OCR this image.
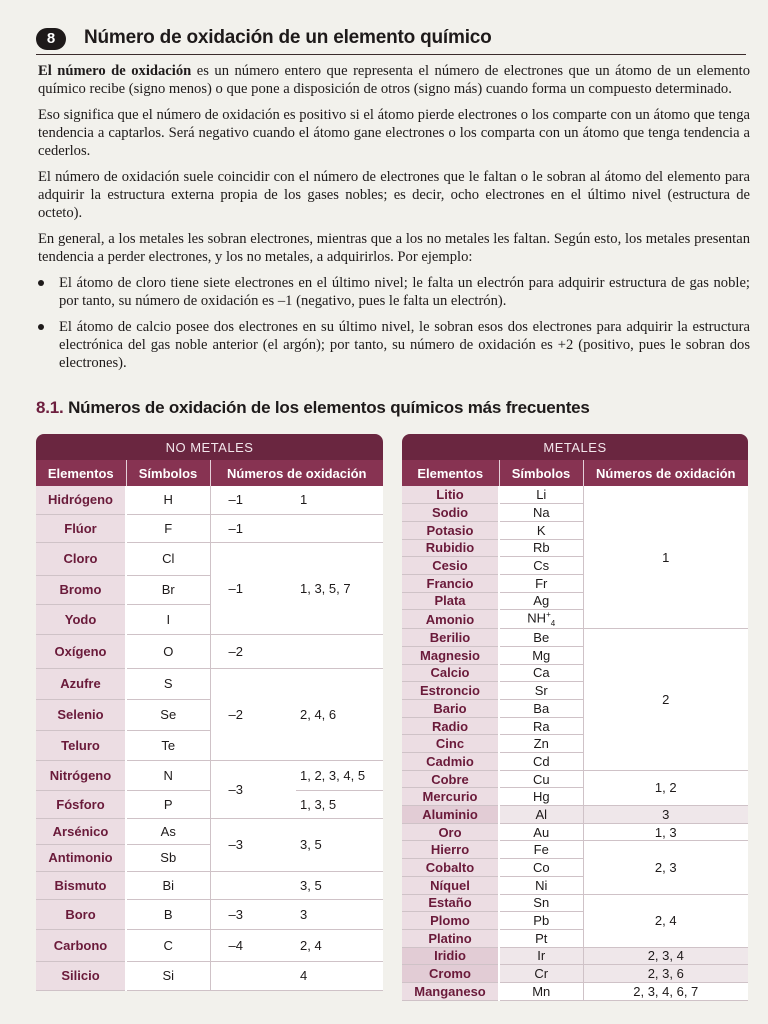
8	Número de oxidación de un elemento químico

El número de oxidación es un número entero que representa el número de electrones que un átomo de un elemento químico recibe (signo menos) o que pone a disposición de otros (signo más) cuando forma un compuesto determinado.

Eso significa que el número de oxidación es positivo si el átomo pierde electrones o los comparte con un átomo que tenga tendencia a captarlos. Será negativo cuando el átomo gane electrones o los comparta con un átomo que tenga tendencia a cederlos.

El número de oxidación suele coincidir con el número de electrones que le faltan o le sobran al átomo del elemento para adquirir la estructura externa propia de los gases nobles; es decir, ocho electrones en el último nivel (estructura de octeto).

En general, a los metales les sobran electrones, mientras que a los no metales les faltan. Según esto, los metales presentan tendencia a perder electrones, y los no metales, a adquirirlos. Por ejemplo:

El átomo de cloro tiene siete electrones en el último nivel; le falta un electrón para adquirir estructura de gas noble; por tanto, su número de oxidación es –1 (negativo, pues le falta un electrón).
El átomo de calcio posee dos electrones en su último nivel, le sobran esos dos electrones para adquirir la estructura electrónica del gas noble anterior (el argón); por tanto, su número de oxidación es +2 (positivo, pues le sobran dos electrones).
8.1. Números de oxidación de los elementos químicos más frecuentes
NO METALES			
Elementos	Símbolos	Números de oxidación	
Hidrógeno	H	–1	1
Flúor	F	–1	
Cloro	Cl	–1	1, 3, 5, 7
Bromo	Br		
Yodo	I		
Oxígeno	O	–2	
Azufre	S	–2	2, 4, 6
Selenio	Se		
Teluro	Te		
Nitrógeno	N	–3	1, 2, 3, 4, 5
Fósforo	P		1, 3, 5
Arsénico	As	–3	3, 5
Antimonio	Sb		
Bismuto	Bi		3, 5
Boro	B	–3	3
Carbono	C	–4	2, 4
Silicio	Si		4
METALES		
Elementos	Símbolos	Números de oxidación
Litio	Li	1
Sodio	Na	
Potasio	K	
Rubidio	Rb	
Cesio	Cs	
Francio	Fr	
Plata	Ag	
Amonio	$NH^+_4$
Berilio	Be	2
Magnesio	Mg	
Calcio	Ca	
Estroncio	Sr	
Bario	Ba	
Radio	Ra	
Cinc	Zn	
Cadmio	Cd	
Cobre	Cu	1, 2
Mercurio	Hg	
Aluminio	Al	3
Oro	Au	1, 3
Hierro	Fe	2, 3
Cobalto	Co	
Níquel	Ni	
Estaño	Sn	2, 4
Plomo	Pb	
Platino	Pt	
Iridio	Ir	2, 3, 4
Cromo	Cr	2, 3, 6
Manganeso	Mn	2, 3, 4, 6, 7
